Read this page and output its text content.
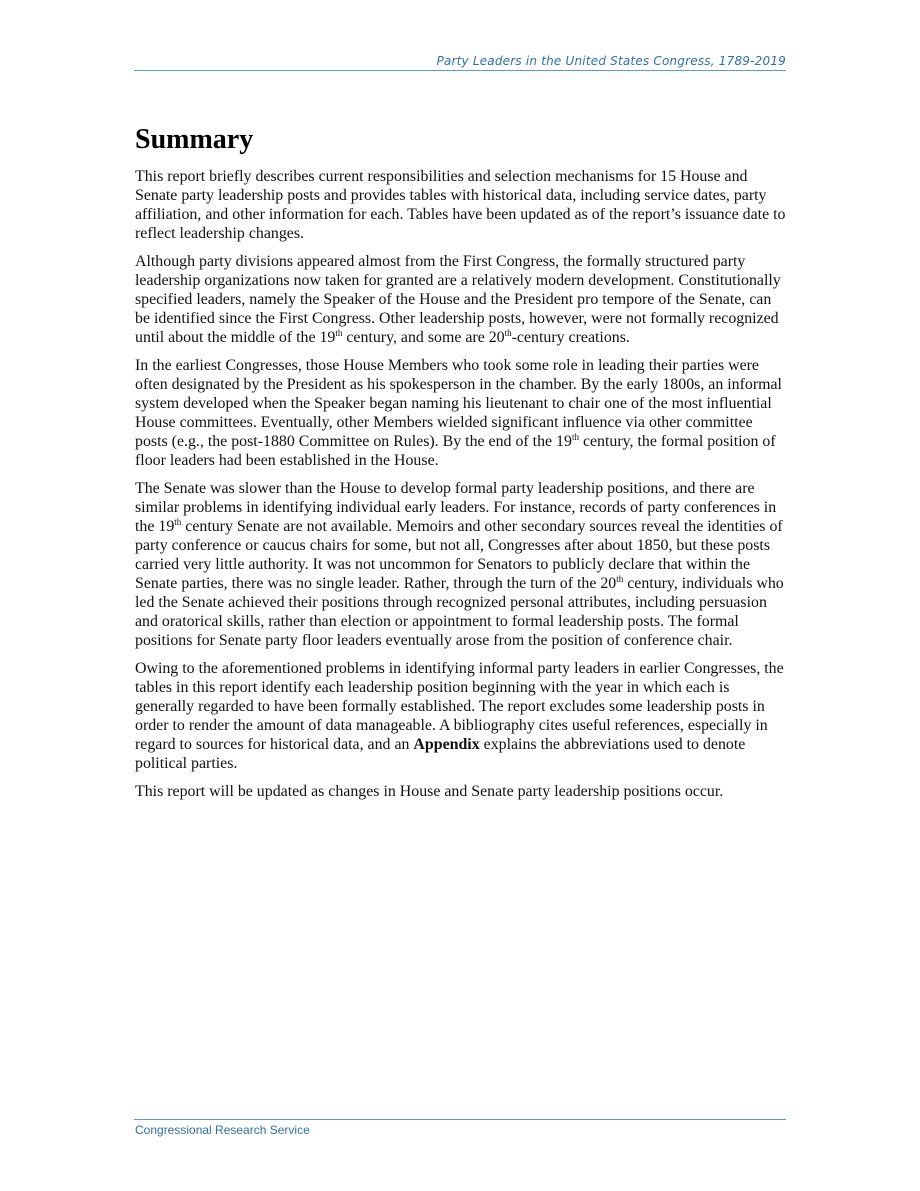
Party Leaders in the United States Congress, 1789-2019
Summary

This report briefly describes current responsibilities and selection mechanisms for 15 House and Senate party leadership posts and provides tables with historical data, including service dates, party affiliation, and other information for each. Tables have been updated as of the report’s issuance date to reflect leadership changes.

Although party divisions appeared almost from the First Congress, the formally structured party leadership organizations now taken for granted are a relatively modern development. Constitutionally specified leaders, namely the Speaker of the House and the President pro tempore of the Senate, can be identified since the First Congress. Other leadership posts, however, were not formally recognized until about the middle of the 19th century, and some are 20th-century creations.

In the earliest Congresses, those House Members who took some role in leading their parties were often designated by the President as his spokesperson in the chamber. By the early 1800s, an informal system developed when the Speaker began naming his lieutenant to chair one of the most influential House committees. Eventually, other Members wielded significant influence via other committee posts (e.g., the post-1880 Committee on Rules). By the end of the 19th century, the formal position of floor leaders had been established in the House.

The Senate was slower than the House to develop formal party leadership positions, and there are similar problems in identifying individual early leaders. For instance, records of party conferences in the 19th century Senate are not available. Memoirs and other secondary sources reveal the identities of party conference or caucus chairs for some, but not all, Congresses after about 1850, but these posts carried very little authority. It was not uncommon for Senators to publicly declare that within the Senate parties, there was no single leader. Rather, through the turn of the 20th century, individuals who led the Senate achieved their positions through recognized personal attributes, including persuasion and oratorical skills, rather than election or appointment to formal leadership posts. The formal positions for Senate party floor leaders eventually arose from the position of conference chair.

Owing to the aforementioned problems in identifying informal party leaders in earlier Congresses, the tables in this report identify each leadership position beginning with the year in which each is generally regarded to have been formally established. The report excludes some leadership posts in order to render the amount of data manageable. A bibliography cites useful references, especially in regard to sources for historical data, and an Appendix explains the abbreviations used to denote political parties.

This report will be updated as changes in House and Senate party leadership positions occur.

Congressional Research Service
